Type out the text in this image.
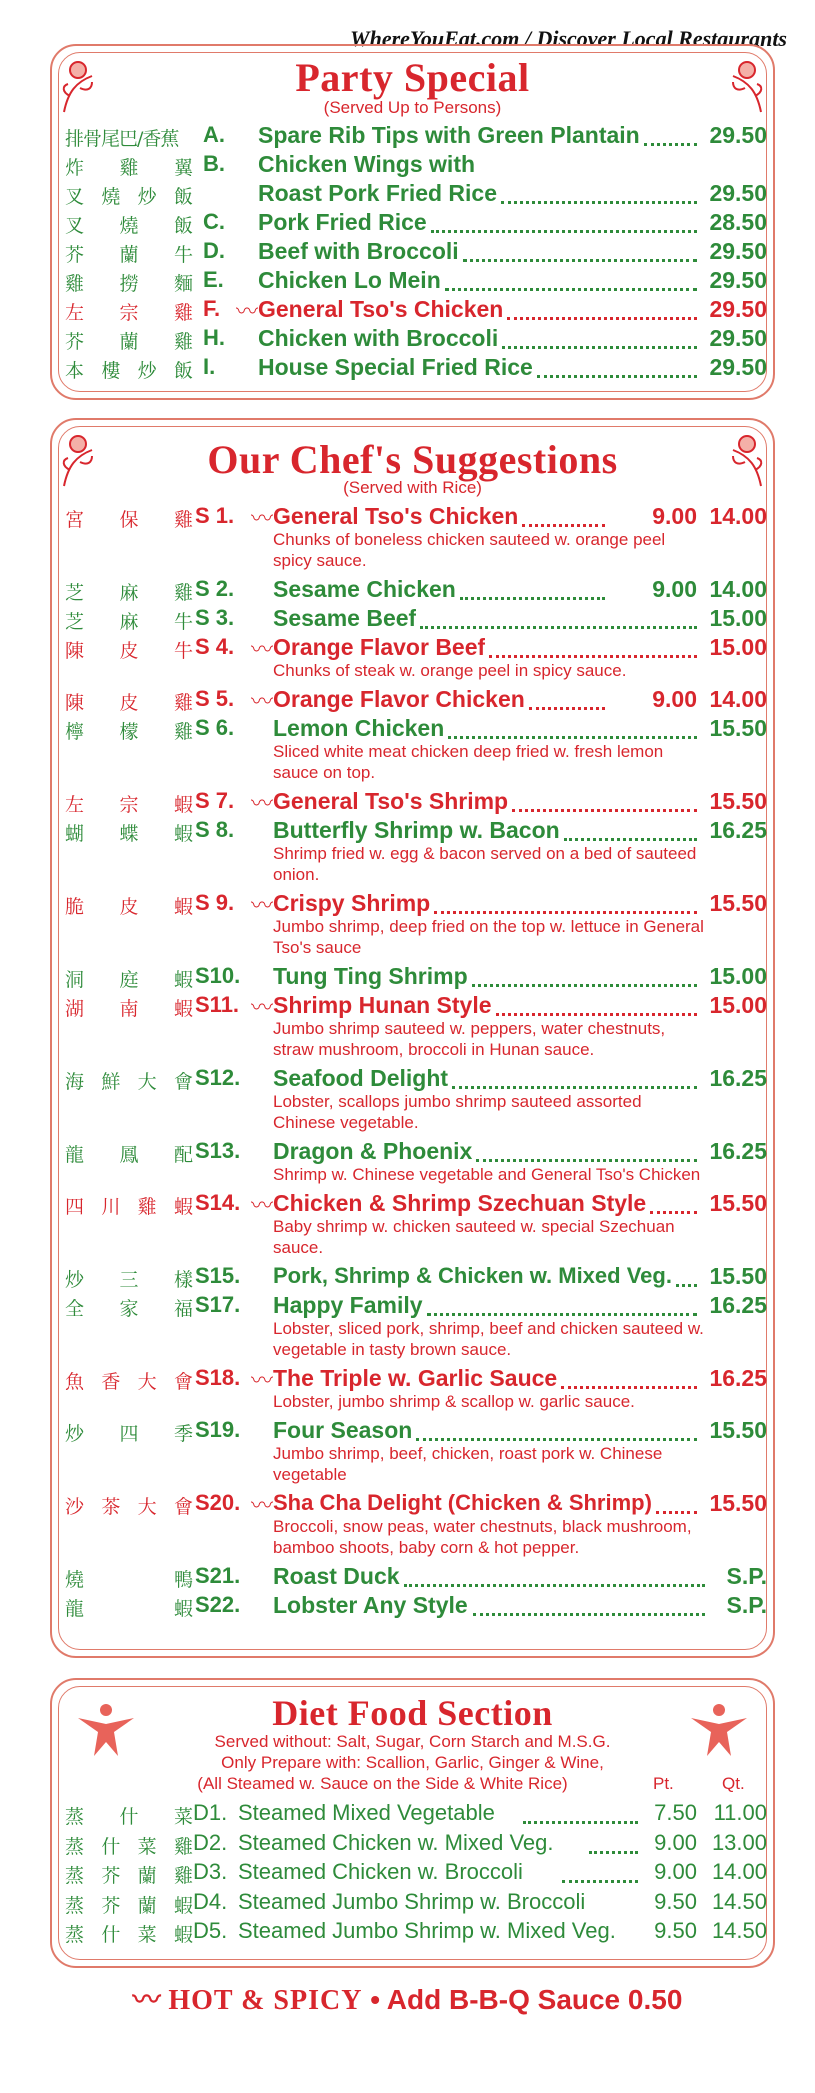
WhereYouEat.com / Discover Local Restaurants
Party Special
(Served Up to Persons)
排骨尾巴/香蕉	A. Spare Rib Tips with Green Plantain	29.50
炸 雞 翼 B. Chicken Wings with
叉 燒 炒 飯	Roast Pork Fried Rice	29.50
叉 燒 飯 C. Pork Fried Rice	28.50
芥 蘭 牛 D. Beef with Broccoli	29.50
雞 撈 麵 E. Chicken Lo Mein	29.50
左 宗 雞 F. 〰 General Tso's Chicken	29.50
芥 蘭 雞 H. Chicken with Broccoli	29.50
本 樓 炒 飯 I. House Special Fried Rice	29.50
Our Chef's Suggestions
(Served with Rice)
宮 保 雞 S 1. 〰 General Tso's Chicken	9.00 14.00
Chunks of boneless chicken sauteed w. orange peel
spicy sauce.
芝 麻 雞 S 2. Sesame Chicken	9.00 14.00
芝 麻 牛 S 3. Sesame Beef	15.00
陳 皮 牛 S 4. 〰 Orange Flavor Beef	15.00
Chunks of steak w. orange peel in spicy sauce.
陳 皮 雞 S 5. 〰 Orange Flavor Chicken	9.00 14.00
檸 檬 雞 S 6. Lemon Chicken	15.50
Sliced white meat chicken deep fried w. fresh lemon
sauce on top.
左 宗 蝦 S 7. 〰 General Tso's Shrimp	15.50
蝴 蝶 蝦 S 8. Butterfly Shrimp w. Bacon	16.25
Shrimp fried w. egg & bacon served on a bed of sauteed
onion.
脆 皮 蝦 S 9. 〰 Crispy Shrimp	15.50
Jumbo shrimp, deep fried on the top w. lettuce in General
Tso's sauce
洞 庭 蝦 S10. Tung Ting Shrimp	15.00
湖 南 蝦 S11. 〰 Shrimp Hunan Style	15.00
Jumbo shrimp sauteed w. peppers, water chestnuts,
straw mushroom, broccoli in Hunan sauce.
海 鮮 大 會 S12. Seafood Delight	16.25
Lobster, scallops jumbo shrimp sauteed assorted
Chinese vegetable.
龍 鳳 配 S13. Dragon & Phoenix	16.25
Shrimp w. Chinese vegetable and General Tso's Chicken
四 川 雞 蝦 S14. 〰 Chicken & Shrimp Szechuan Style	15.50
Baby shrimp w. chicken sauteed w. special Szechuan
sauce.
炒 三 樣 S15. Pork, Shrimp & Chicken w. Mixed Veg. 15.50
全 家 福 S17. Happy Family	16.25
Lobster, sliced pork, shrimp, beef and chicken sauteed w.
vegetable in tasty brown sauce.
魚 香 大 會 S18. 〰 The Triple w. Garlic Sauce	16.25
Lobster, jumbo shrimp & scallop w. garlic sauce.
炒 四 季 S19. Four Season	15.50
Jumbo shrimp, beef, chicken, roast pork w. Chinese
vegetable
沙 茶 大 會 S20. 〰 Sha Cha Delight (Chicken & Shrimp)	15.50
Broccoli, snow peas, water chestnuts, black mushroom,
bamboo shoots, baby corn & hot pepper.
燒	鴨 S21. Roast Duck	S.P.
龍	蝦 S22. Lobster Any Style	S.P.
Diet Food Section
Served without: Salt, Sugar, Corn Starch and M.S.G.
Only Prepare with: Scallion, Garlic, Ginger & Wine,
(All Steamed w. Sauce on the Side & White Rice)	Pt.	Qt.
蒸 什 菜 D1. Steamed Mixed Vegetable	7.50 11.00
蒸 什 菜 雞 D2. Steamed Chicken w. Mixed Veg.	9.00 13.00
蒸 芥 蘭 雞 D3. Steamed Chicken w. Broccoli	9.00 14.00
蒸 芥 蘭 蝦 D4. Steamed Jumbo Shrimp w. Broccoli	9.50 14.50
蒸 什 菜 蝦 D5. Steamed Jumbo Shrimp w. Mixed Veg. 9.50 14.50
〰 HOT & SPICY • Add B-B-Q Sauce 0.50
